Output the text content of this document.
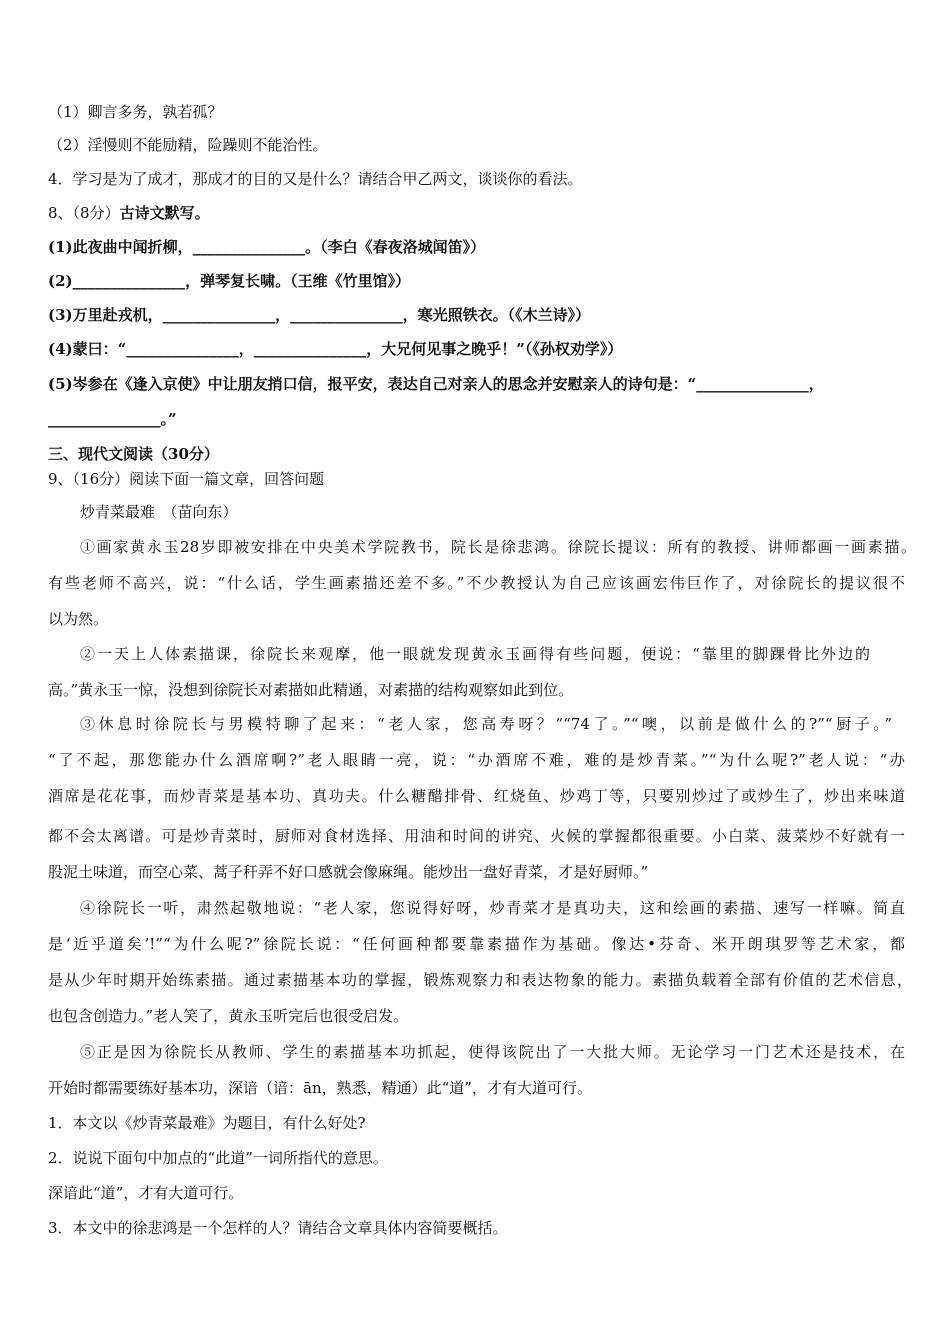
（1）卿言多务，孰若孤？
（2）淫慢则不能励精，险躁则不能治性。
4．学习是为了成才，那成才的目的又是什么？请结合甲乙两文，谈谈你的看法。
8、（8分）古诗文默写。
(1)此夜曲中闻折柳，_______________。（李白《春夜洛城闻笛》）
(2)_______________，弹琴复长啸。（王维《竹里馆》）
(3)万里赴戎机，_______________，_______________，寒光照铁衣。（《木兰诗》）
(4)蒙曰：“_______________，_______________，大兄何见事之晚乎！”（《孙权劝学》）
(5)岑参在《逢入京使》中让朋友捎口信，报平安，表达自己对亲人的思念并安慰亲人的诗句是：“_______________，
_______________。”
三、现代文阅读（30分）
9、（16分）阅读下面一篇文章，回答问题
炒青菜最难　（苗向东）
①画家黄永玉28岁即被安排在中央美术学院教书，院长是徐悲鸿。徐院长提议：所有的教授、讲师都画一画素描。
有些老师不高兴，说：“什么话，学生画素描还差不多。”不少教授认为自己应该画宏伟巨作了，对徐院长的提议很不
以为然。
②一天上人体素描课，徐院长来观摩，他一眼就发现黄永玉画得有些问题，便说：“靠里的脚踝骨比外边的
高。”黄永玉一惊，没想到徐院长对素描如此精通，对素描的结构观察如此到位。
③休息时徐院长与男模特聊了起来：“老人家，您高寿呀？”“74了。”“噢，以前是做什么的?”“厨子。”
“了不起，那您能办什么酒席啊?”老人眼睛一亮，说：“办酒席不难，难的是炒青菜。”“为什么呢?”老人说：“办
酒席是花花事，而炒青菜是基本功、真功夫。什么糖醋排骨、红烧鱼、炒鸡丁等，只要别炒过了或炒生了，炒出来味道
都不会太离谱。可是炒青菜时，厨师对食材选择、用油和时间的讲究、火候的掌握都很重要。小白菜、菠菜炒不好就有一
股泥土味道，而空心菜、蒿子秆弄不好口感就会像麻绳。能炒出一盘好青菜，才是好厨师。”
④徐院长一听，肃然起敬地说：“老人家，您说得好呀，炒青菜才是真功夫，这和绘画的素描、速写一样嘛。简直
是‘近乎道矣’!”“为什么呢?”徐院长说：“任何画种都要靠素描作为基础。像达•芬奇、米开朗琪罗等艺术家，都
是从少年时期开始练素描。通过素描基本功的掌握，锻炼观察力和表达物象的能力。素描负载着全部有价值的艺术信息，
也包含创造力。”老人笑了，黄永玉听完后也很受启发。
⑤正是因为徐院长从教师、学生的素描基本功抓起，使得该院出了一大批大师。无论学习一门艺术还是技术，在
开始时都需要练好基本功，深谙（谙：ān，熟悉，精通）此“道”，才有大道可行。
1．本文以《炒青菜最难》为题目，有什么好处?
2．说说下面句中加点的“此道”一词所指代的意思。
深谙此“道”，才有大道可行。
3．本文中的徐悲鸿是一个怎样的人？请结合文章具体内容简要概括。
